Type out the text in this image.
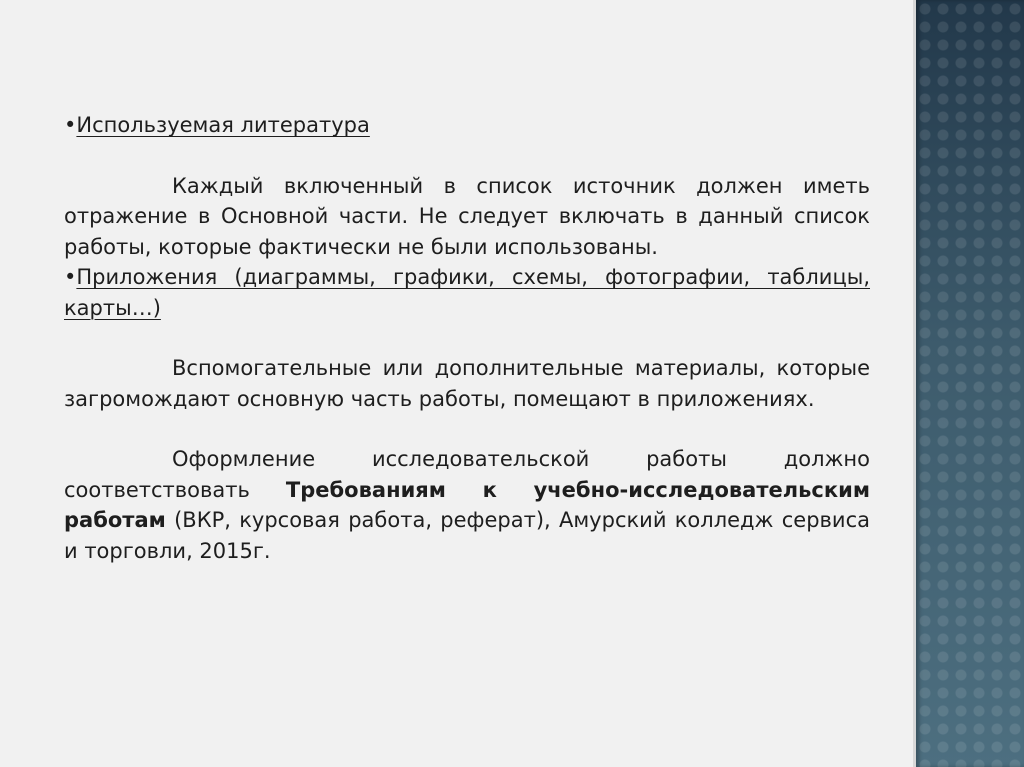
•Используемая литература

Каждый включенный в список источник должен иметь отражение в Основной части. Не следует включать в данный список работы, которые фактически не были использованы.

•Приложения (диаграммы, графики, схемы, фотографии, таблицы, карты…)

Вспомогательные или дополнительные материалы, которые загромождают основную часть работы, помещают в приложениях.

Оформление исследовательской работы должно соответствовать Требованиям к учебно-исследовательским работам (ВКР, курсовая работа, реферат), Амурский колледж сервиса и торговли, 2015г.
